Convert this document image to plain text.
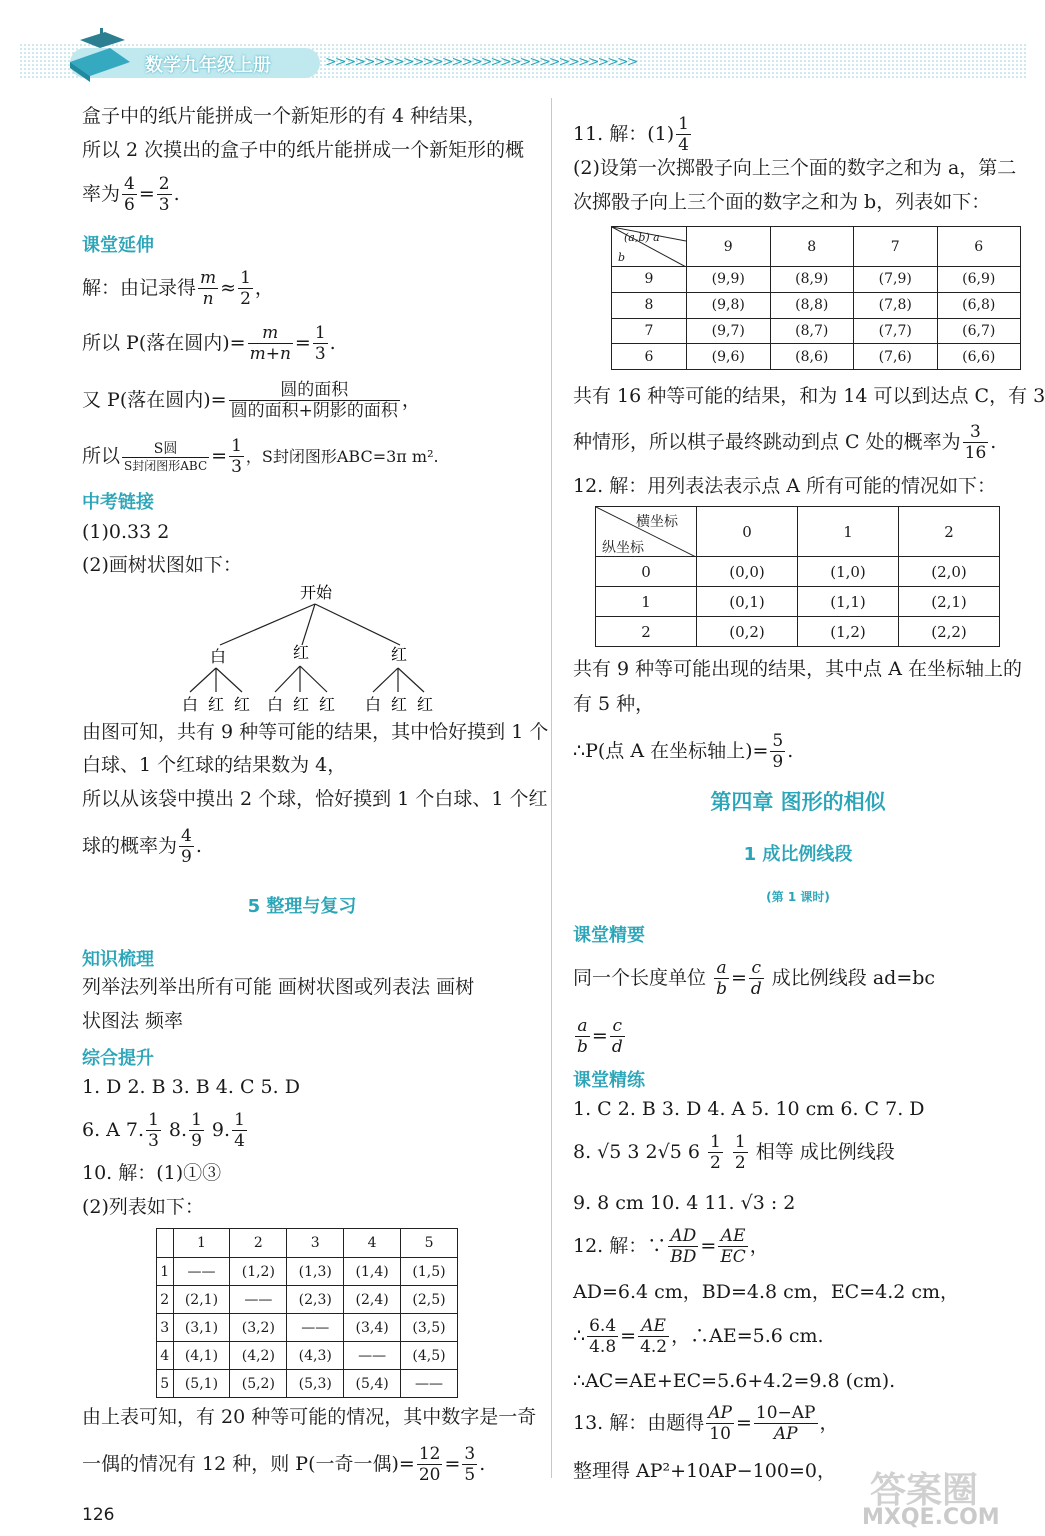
数学九年级上册	>>>>>>>>>>>>>>>>>>>>>>>>>>>>>>>>
盒子中的纸片能拼成一个新矩形的有 4 种结果，
所以 2 次摸出的盒子中的纸片能拼成一个新矩形的概
率为 $\frac{4}{6} = \frac{2}{3}$ .
课堂延伸
解：由记录得 $\frac{m}{n} \approx \frac{1}{2}$ ，
所以 P(落在圆内)= $\frac{m}{m+n} = \frac{1}{3}$ .
又 P(落在圆内)= $\frac{\text{圆的面积}}{\text{圆的面积+阴影的面积}}$ ，
所以 $\frac{\text{S圆}}{\text{S封闭图形ABC}} = \frac{1}{3}$ ，S封闭图形ABC=3π m².
中考链接
(1)0.33 2
(2)画树状图如下：
开始
白	红	红
白 红 红 白 红 红 白 红 红
由图可知，共有 9 种等可能的结果，其中恰好摸到 1 个
白球、1 个红球的结果数为 4，
所以从该袋中摸出 2 个球，恰好摸到 1 个白球、1 个红
球的概率为 $\frac{4}{9}$ .
5 整理与复习
知识梳理
列举法列举出所有可能 画树状图或列表法 画树
状图法 频率
综合提升
1. D 2. B 3. B 4. C 5. D
6. A 7. $\frac{1}{3} 8$. $\frac{1}{9} 9$. $\frac{1}{4}$
10. 解：(1)①③
(2)列表如下：
	1	2	3	4	5
1	——	(1,2)	(1,3)	(1,4)	(1,5)
2	(2,1)	——	(2,3)	(2,4)	(2,5)
3	(3,1)	(3,2)	——	(3,4)	(3,5)
4	(4,1)	(4,2)	(4,3)	——	(4,5)
5	(5,1)	(5,2)	(5,3)	(5,4)	——
由上表可知，有 20 种等可能的情况，其中数字是一奇
一偶的情况有 12 种，则 P(一奇一偶)= $\frac{12}{20} = \frac{3}{5}$ .
126
11. 解：$(1) \frac{1}{4}$
(2)设第一次掷骰子向上三个面的数字之和为 a，第二
次掷骰子向上三个面的数字之和为 b，列表如下：
(a,b) a
b	9	8	7	6
9	(9,9)	(8,9)	(7,9)	(6,9)
8	(9,8)	(8,8)	(7,8)	(6,8)
7	(9,7)	(8,7)	(7,7)	(6,7)
6	(9,6)	(8,6)	(7,6)	(6,6)
共有 16 种等可能的结果，和为 14 可以到达点 C，有 3
种情形，所以棋子最终跳动到点 C 处的概率为 $\frac{3}{16}$ .
12. 解：用列表法表示点 A 所有可能的情况如下：
横坐标
纵坐标	0	1	2
0	(0,0)	(1,0)	(2,0)
1	(0,1)	(1,1)	(2,1)
2	(0,2)	(1,2)	(2,2)
共有 9 种等可能出现的结果，其中点 A 在坐标轴上的
有 5 种，
∴P(点 A 在坐标轴上)= $\frac{5}{9}$ .
第四章 图形的相似
1 成比例线段
(第 1 课时)
课堂精要
同一个长度单位 $\frac{a}{b} = \frac{c}{d}$ 成比例线段 ad=bc
$\frac{a}{b} = \frac{c}{d}$
课堂精练
1. C 2. B 3. D 4. A 5. 10 cm 6. C 7. D
8. √5 3 2√5 $6 \frac{1}{2}$
$\frac{1}{2}$ 相等 成比例线段
9. 8 cm 10. 4 11. √3 : 2
12. 解：∵ $\frac{AD}{BD} = \frac{AE}{EC}$ ，
AD=6.4 cm，BD=4.8 cm，EC=4.2 cm，
∴ $\frac{6.4}{4.8} = \frac{AE}{4.2}$ ，∴AE=5.6 cm.
∴AC=AE+EC=5.6+4.2=9.8 (cm).
13. 解：由题得 $\frac{AP}{10} = \frac{10-AP}{AP}$ ，
整理得 AP²+10AP−100=0， 答案圈
MXQE.COM
